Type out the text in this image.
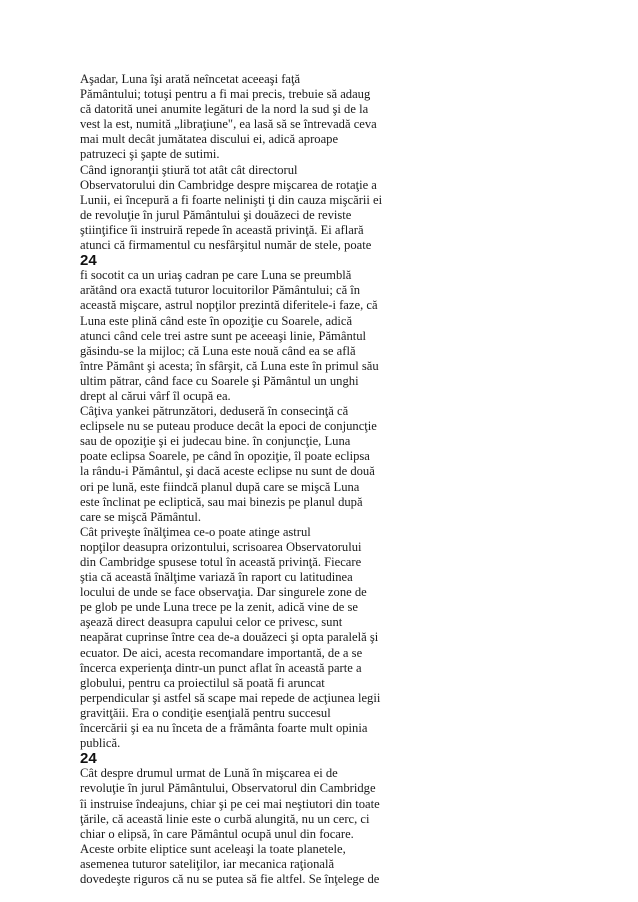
Aşadar, Luna îşi arată neîncetat aceeaşi faţă
Pământului; totuşi pentru a fi mai precis, trebuie să adaug
că datorită unei anumite legături de la nord la sud şi de la
vest la est, numită „libraţiune", ea lasă să se întrevadă ceva
mai mult decât jumătatea discului ei, adică aproape
patruzeci şi şapte de sutimi.
Când ignoranţii ştiură tot atât cât directorul
Observatorului din Cambridge despre mişcarea de rotaţie a
Lunii, ei începură a fi foarte nelinişti ţi din cauza mişcării ei
de revoluţie în jurul Pământului şi douăzeci de reviste
ştiinţifice îi instruiră repede în această privinţă. Ei aflară
atunci că firmamentul cu nesfârşitul număr de stele, poate
24
fi socotit ca un uriaş cadran pe care Luna se preumblă
arătând ora exactă tuturor locuitorilor Pământului; că în
această mişcare, astrul nopţilor prezintă diferitele-i faze, că
Luna este plină când este în opoziţie cu Soarele, adică
atunci când cele trei astre sunt pe aceeaşi linie, Pământul
găsindu-se la mijloc; că Luna este nouă când ea se află
între Pământ şi acesta; în sfârşit, că Luna este în primul său
ultim pătrar, când face cu Soarele şi Pământul un unghi
drept al cărui vârf îl ocupă ea.
Câţiva yankei pătrunzători, deduseră în consecinţă că
eclipsele nu se puteau produce decât la epoci de conjuncţie
sau de opoziţie şi ei judecau bine. în conjuncţie, Luna
poate eclipsa Soarele, pe când în opoziţie, îl poate eclipsa
la rându-i Pământul, şi dacă aceste eclipse nu sunt de două
ori pe lună, este fiindcă planul după care se mişcă Luna
este înclinat pe ecliptică, sau mai binezis pe planul după
care se mişcă Pământul.
Cât priveşte înălţimea ce-o poate atinge astrul
nopţilor deasupra orizontului, scrisoarea Observatorului
din Cambridge spusese totul în această privinţă. Fiecare
ştia că această înălţime variază în raport cu latitudinea
locului de unde se face observaţia. Dar singurele zone de
pe glob pe unde Luna trece pe la zenit, adică vine de se
aşează direct deasupra capului celor ce privesc, sunt
neapărat cuprinse între cea de-a douăzeci şi opta paralelă şi
ecuator. De aici, acesta recomandare importantă, de a se
încerca experienţa dintr-un punct aflat în această parte a
globului, pentru ca proiectilul să poată fi aruncat
perpendicular şi astfel să scape mai repede de acţiunea legii
gravitţăii. Era o condiţie esenţială pentru succesul
încercării şi ea nu înceta de a frământa foarte mult opinia
publică.
24
Cât despre drumul urmat de Lună în mişcarea ei de
revoluţie în jurul Pământului, Observatorul din Cambridge
îi instruise îndeajuns, chiar şi pe cei mai neştiutori din toate
ţările, că această linie este o curbă alungită, nu un cerc, ci
chiar o elipsă, în care Pământul ocupă unul din focare.
Aceste orbite eliptice sunt aceleaşi la toate planetele,
asemenea tuturor sateliţilor, iar mecanica raţională
dovedeşte riguros că nu se putea să fie altfel. Se înţelege de
